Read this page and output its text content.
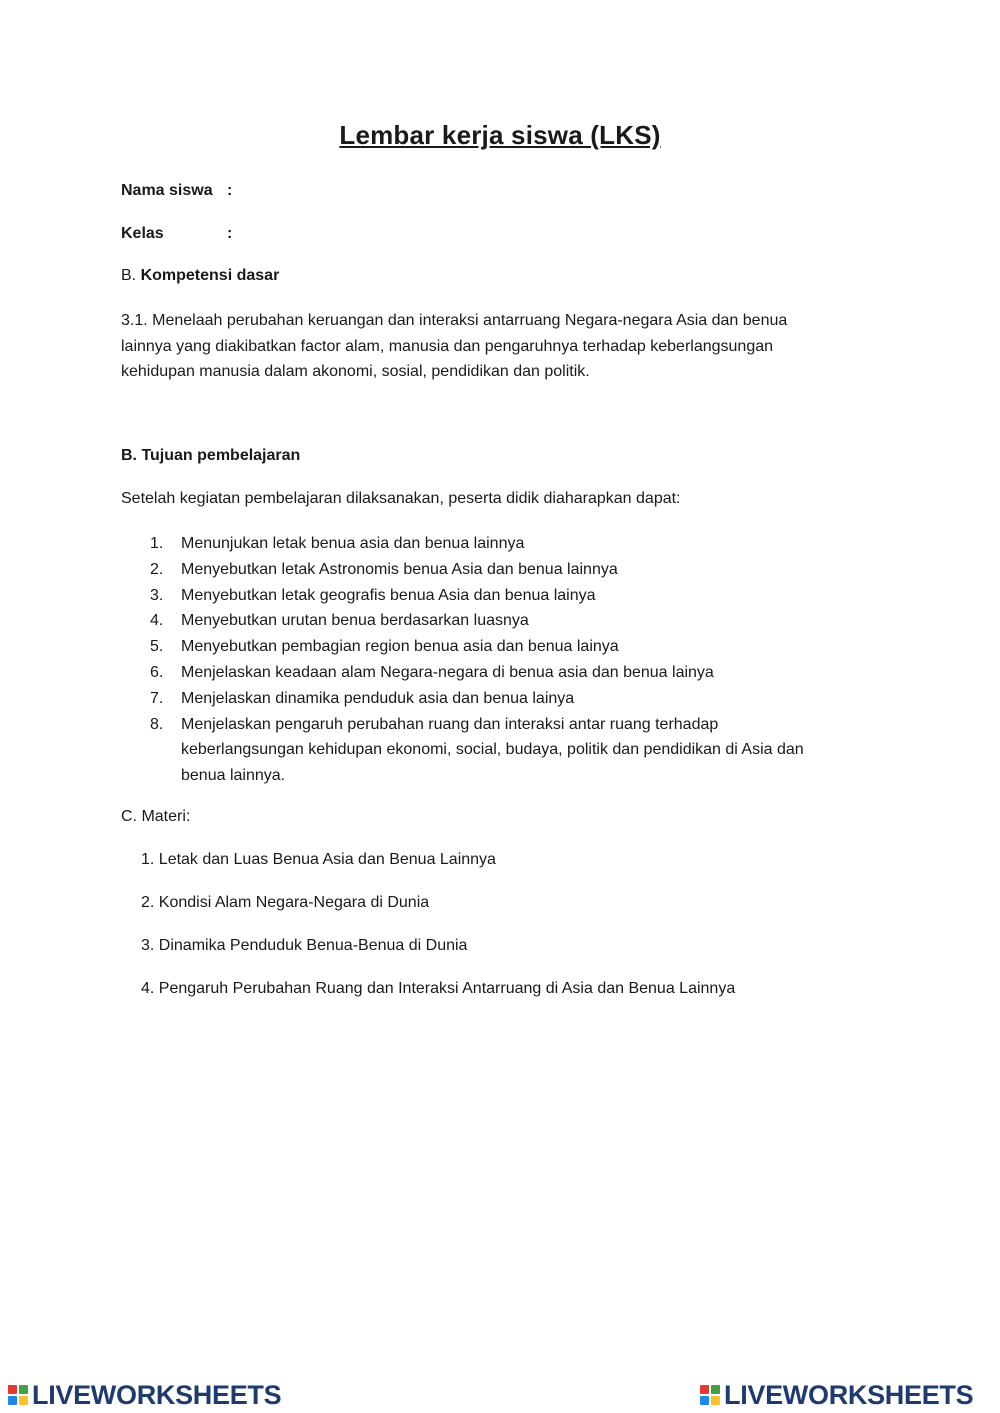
Lembar kerja siswa (LKS)
Nama siswa :
Kelas	:
B. Kompetensi dasar
3.1. Menelaah perubahan keruangan dan interaksi antarruang Negara-negara Asia dan benua lainnya yang diakibatkan factor alam, manusia dan pengaruhnya terhadap keberlangsungan kehidupan manusia dalam akonomi, sosial, pendidikan dan politik.
B. Tujuan pembelajaran
Setelah kegiatan pembelajaran dilaksanakan, peserta didik diaharapkan dapat:
1. Menunjukan letak benua asia dan benua lainnya
2. Menyebutkan letak Astronomis benua Asia dan benua lainnya
3. Menyebutkan letak geografis benua Asia dan benua lainya
4. Menyebutkan urutan benua berdasarkan luasnya
5. Menyebutkan pembagian region benua asia dan benua lainya
6. Menjelaskan keadaan alam Negara-negara di benua asia dan benua lainya
7. Menjelaskan dinamika penduduk asia dan benua lainya
8. Menjelaskan pengaruh perubahan ruang dan interaksi antar ruang terhadap keberlangsungan kehidupan ekonomi, social, budaya, politik dan pendidikan di Asia dan benua lainnya.
C. Materi:
1. Letak dan Luas Benua Asia dan Benua Lainnya
2. Kondisi Alam Negara-Negara di Dunia
3. Dinamika Penduduk Benua-Benua di Dunia
4. Pengaruh Perubahan Ruang dan Interaksi Antarruang di Asia dan Benua Lainnya
LIVEWORKSHEETS	LIVEWORKSHEETS
